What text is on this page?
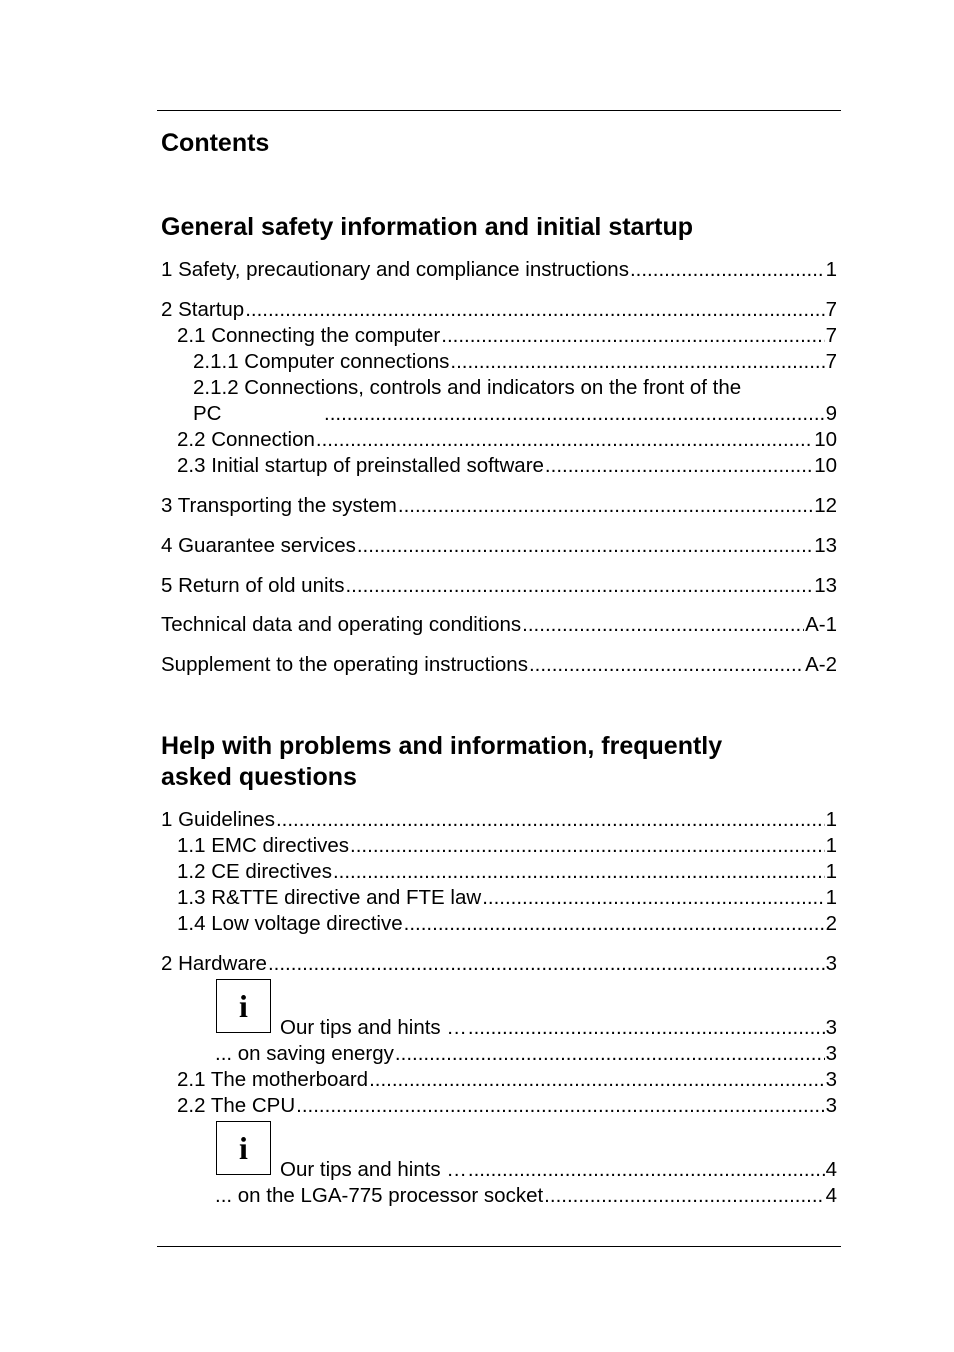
Contents
General safety information and initial startup
1 Safety, precautionary and compliance instructions .....	1
2 Startup .....	7
2.1 Connecting the computer .....	7
2.1.1 Computer connections .....	7
2.1.2 Connections, controls and indicators on the front of the
PC .....	9
2.2 Connection .....	10
2.3 Initial startup of preinstalled software .....	10
3 Transporting the system .....	12
4 Guarantee services .....	13
5 Return of old units .....	13
Technical data and operating conditions .....	A-1
Supplement to the operating instructions .....	A-2
Help with problems and information, frequently
asked questions
1 Guidelines .....	1
1.1 EMC directives .....	1
1.2 CE directives .....	1
1.3 R&TTE directive and FTE law .....	1
1.4 Low voltage directive .....	2
2 Hardware .....	3
i
Our tips and hints … .....	3
... on saving energy .....	3
2.1 The motherboard .....	3
2.2 The CPU .....	3
i
Our tips and hints … .....	4
... on the LGA-775 processor socket .....	4
